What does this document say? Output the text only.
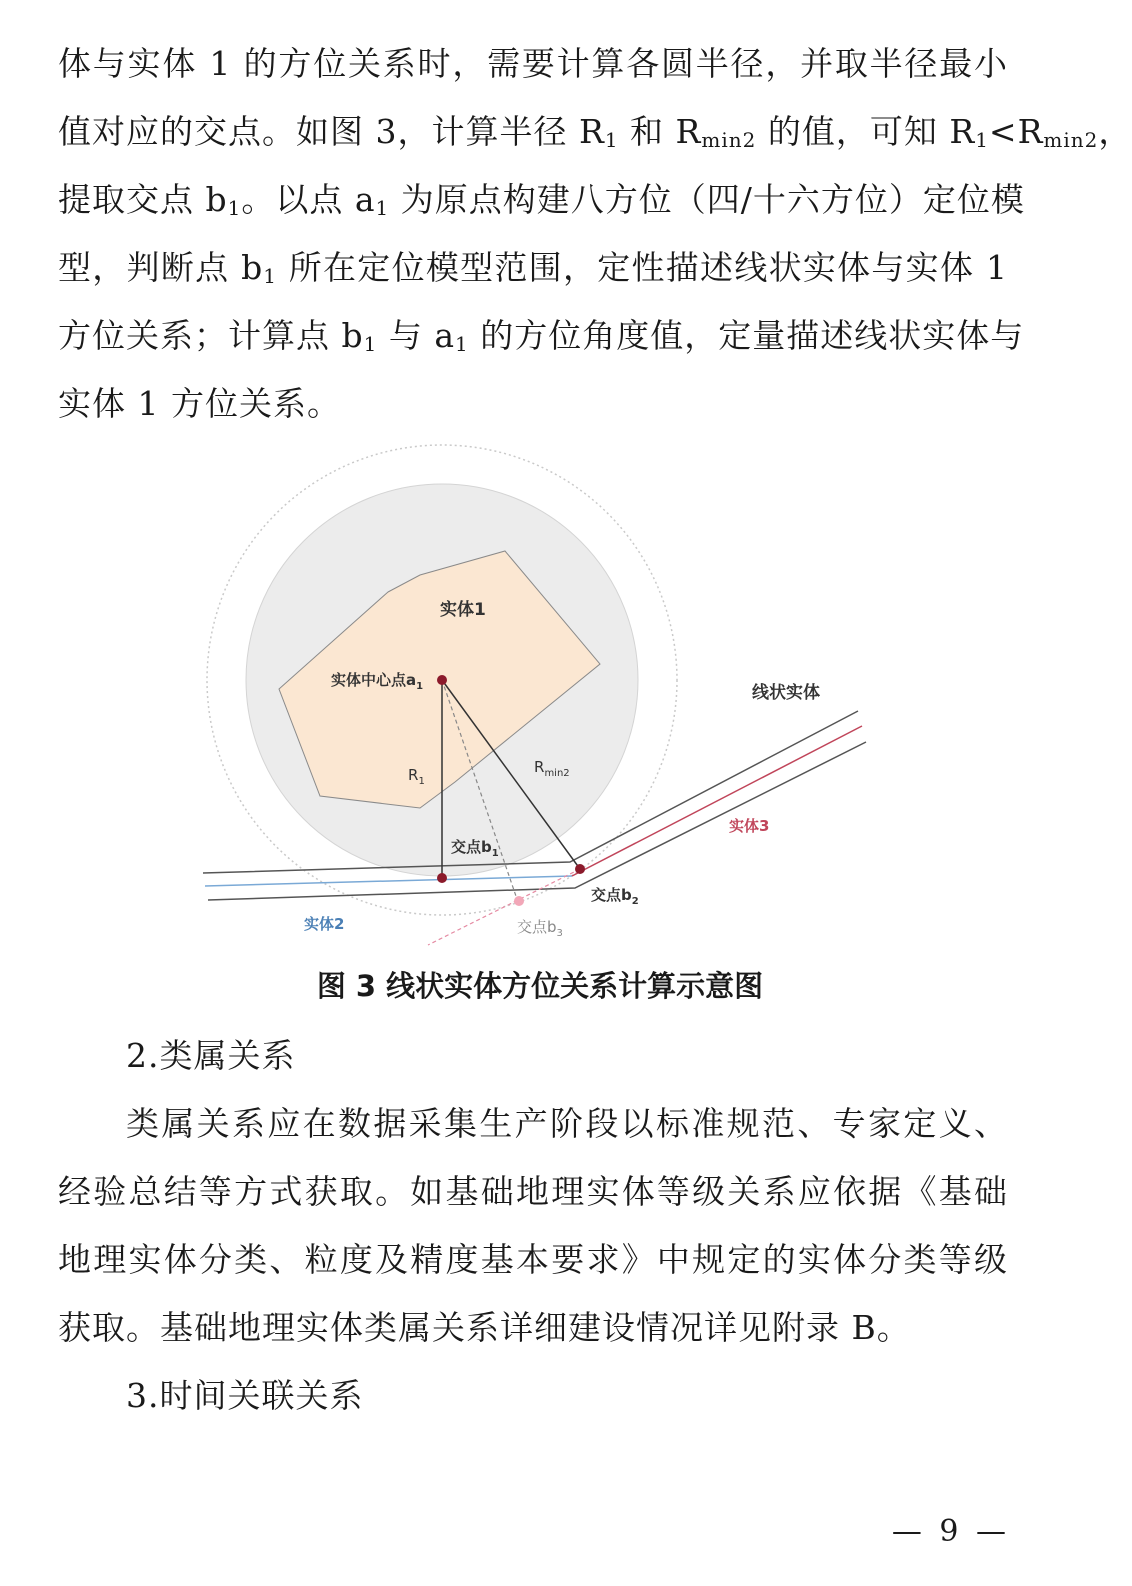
体与实体 1 的方位关系时，需要计算各圆半径，并取半径最小
值对应的交点。如图 3，计算半径 $R_1$ 和 $R_{min2}$ 的值，可知 $R_1<R_{min2}$，
提取交点 $b_1$。以点 $a_1$ 为原点构建八方位（四/十六方位）定位模
型，判断点 $b_1$ 所在定位模型范围，定性描述线状实体与实体 1
方位关系；计算点 $b_1$ 与 $a_1$ 的方位角度值，定量描述线状实体与
实体 1 方位关系。
实体1
实体中心点$a_1$
$R_1$
$R_{min2}$
线状实体
实体3
交点$b_1$
交点$b_2$
交点$b_3$
实体2
图 3 线状实体方位关系计算示意图
2.类属关系
类属关系应在数据采集生产阶段以标准规范、专家定义、
经验总结等方式获取。如基础地理实体等级关系应依据《基础
地理实体分类、粒度及精度基本要求》中规定的实体分类等级
获取。基础地理实体类属关系详细建设情况详见附录 B。
3.时间关联关系
— 9 —
